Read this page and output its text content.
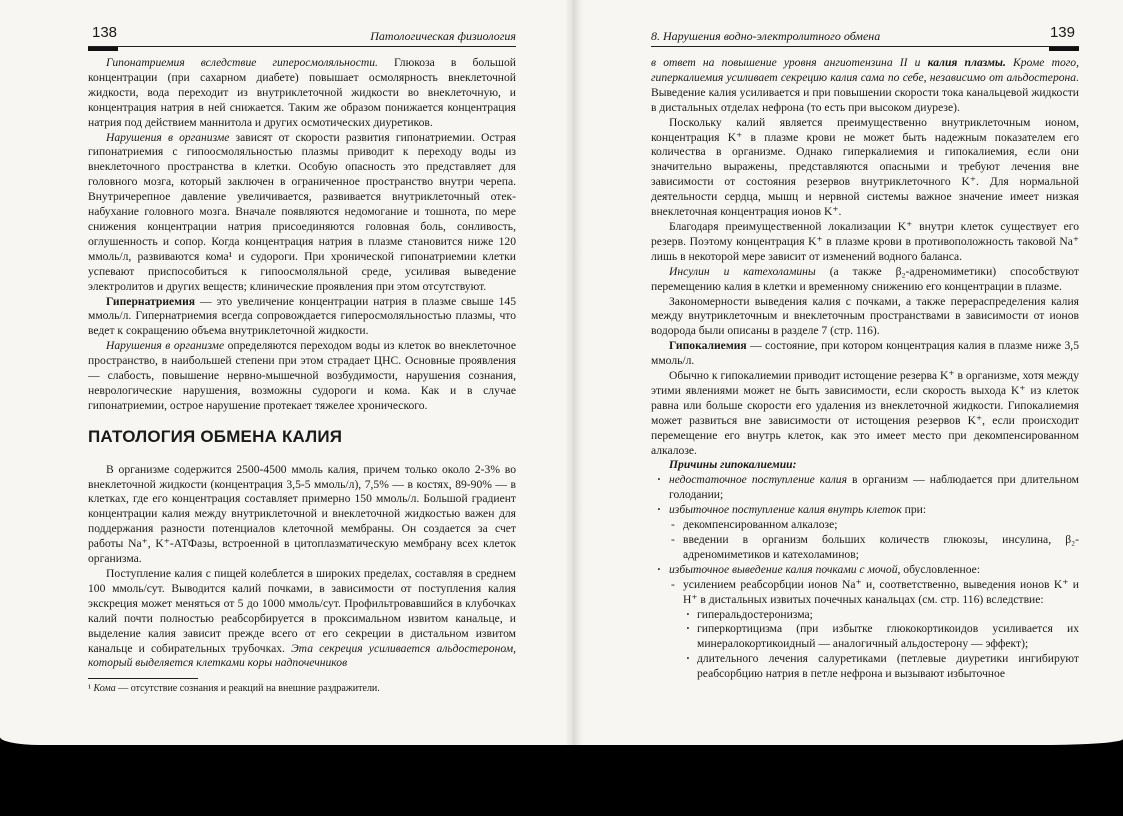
138	Патологическая физиология

Гипонатриемия вследствие гиперосмоляльности. Глюкоза в большой концентрации (при сахарном диабете) повышает осмолярность внеклеточной жидкости, вода переходит из внутриклеточной жидкости во внеклеточную, и концентрация натрия в ней снижается. Таким же образом понижается концентрация натрия под действием маннитола и других осмотических диуретиков.

Нарушения в организме зависят от скорости развития гипонатриемии. Острая гипонатриемия с гипоосмоляльностью плазмы приводит к переходу воды из внеклеточного пространства в клетки. Особую опасность это представляет для головного мозга, который заключен в ограниченное пространство внутри черепа. Внутричерепное давление увеличивается, развивается внутриклеточный отек-набухание головного мозга. Вначале появляются недомогание и тошнота, по мере снижения концентрации натрия присоединяются головная боль, сонливость, оглушенность и сопор. Когда концентрация натрия в плазме становится ниже 120 ммоль/л, развиваются кома¹ и судороги. При хронической гипонатриемии клетки успевают приспособиться к гипоосмоляльной среде, усиливая выведение электролитов и других веществ; клинические проявления при этом отсутствуют.

Гипернатриемия — это увеличение концентрации натрия в плазме свыше 145 ммоль/л. Гипернатриемия всегда сопровождается гиперосмоляльностью плазмы, что ведет к сокращению объема внутриклеточной жидкости.

Нарушения в организме определяются переходом воды из клеток во внеклеточное пространство, в наибольшей степени при этом страдает ЦНС. Основные проявления — слабость, повышение нервно-мышечной возбудимости, нарушения сознания, неврологические нарушения, возможны судороги и кома. Как и в случае гипонатриемии, острое нарушение протекает тяжелее хронического.

ПАТОЛОГИЯ ОБМЕНА КАЛИЯ

В организме содержится 2500-4500 ммоль калия, причем только около 2-3% во внеклеточной жидкости (концентрация 3,5-5 ммоль/л), 7,5% — в костях, 89-90% — в клетках, где его концентрация составляет примерно 150 ммоль/л. Большой градиент концентрации калия между внутриклеточной и внеклеточной жидкостью важен для поддержания разности потенциалов клеточной мембраны. Он создается за счет работы Na⁺, K⁺-АТФазы, встроенной в цитоплазматическую мембрану всех клеток организма.

Поступление калия с пищей колеблется в широких пределах, составляя в среднем 100 ммоль/сут. Выводится калий почками, в зависимости от поступления калия экскреция может меняться от 5 до 1000 ммоль/сут. Профильтровавшийся в клубочках калий почти полностью реабсорбируется в проксимальном извитом канальце, и выделение калия зависит прежде всего от его секреции в дистальном извитом канальце и собирательных трубочках. Эта секреция усиливается альдостероном, который выделяется клетками коры надпочечников

¹ Кома — отсутствие сознания и реакций на внешние раздражители.
8. Нарушения водно-электролитного обмена	139

в ответ на повышение уровня ангиотензина II и калия плазмы. Кроме того, гиперкалиемия усиливает секрецию калия сама по себе, независимо от альдостерона. Выведение калия усиливается и при повышении скорости тока канальцевой жидкости в дистальных отделах нефрона (то есть при высоком диурезе).

Поскольку калий является преимущественно внутриклеточным ионом, концентрация K⁺ в плазме крови не может быть надежным показателем его количества в организме. Однако гиперкалиемия и гипокалиемия, если они значительно выражены, представляются опасными и требуют лечения вне зависимости от состояния резервов внутриклеточного K⁺. Для нормальной деятельности сердца, мышц и нервной системы важное значение имеет низкая внеклеточная концентрация ионов K⁺.

Благодаря преимущественной локализации K⁺ внутри клеток существует его резерв. Поэтому концентрация K⁺ в плазме крови в противоположность таковой Na⁺ лишь в некоторой мере зависит от изменений водного баланса.

Инсулин и катехоламины (а также β₂-адреномиметики) способствуют перемещению калия в клетки и временному снижению его концентрации в плазме.

Закономерности выведения калия с почками, а также перераспределения калия между внутриклеточным и внеклеточным пространствами в зависимости от ионов водорода были описаны в разделе 7 (стр. 116).

Гипокалиемия — состояние, при котором концентрация калия в плазме ниже 3,5 ммоль/л.

Обычно к гипокалиемии приводит истощение резерва K⁺ в организме, хотя между этими явлениями может не быть зависимости, если скорость выхода K⁺ из клеток равна или больше скорости его удаления из внеклеточной жидкости. Гипокалиемия может развиться вне зависимости от истощения резервов K⁺, если происходит перемещение его внутрь клеток, как это имеет место при декомпенсированном алкалозе.

Причины гипокалиемии:

· недостаточное поступление калия в организм — наблюдается при длительном голодании;
· избыточное поступление калия внутрь клеток при:
- декомпенсированном алкалозе;
- введении в организм больших количеств глюкозы, инсулина, β₂-адреномиметиков и катехоламинов;
· избыточное выведение калия почками с мочой, обусловленное:
- усилением реабсорбции ионов Na⁺ и, соответственно, выведения ионов K⁺ и H⁺ в дистальных извитых почечных канальцах (см. стр. 116) вследствие:
· гиперальдостеронизма;
· гиперкортицизма (при избытке глюкокортикоидов усиливается их минералокортикоидный — аналогичный альдостерону — эффект);
· длительного лечения салуретиками (петлевые диуретики ингибируют реабсорбцию натрия в петле нефрона и вызывают избыточное
